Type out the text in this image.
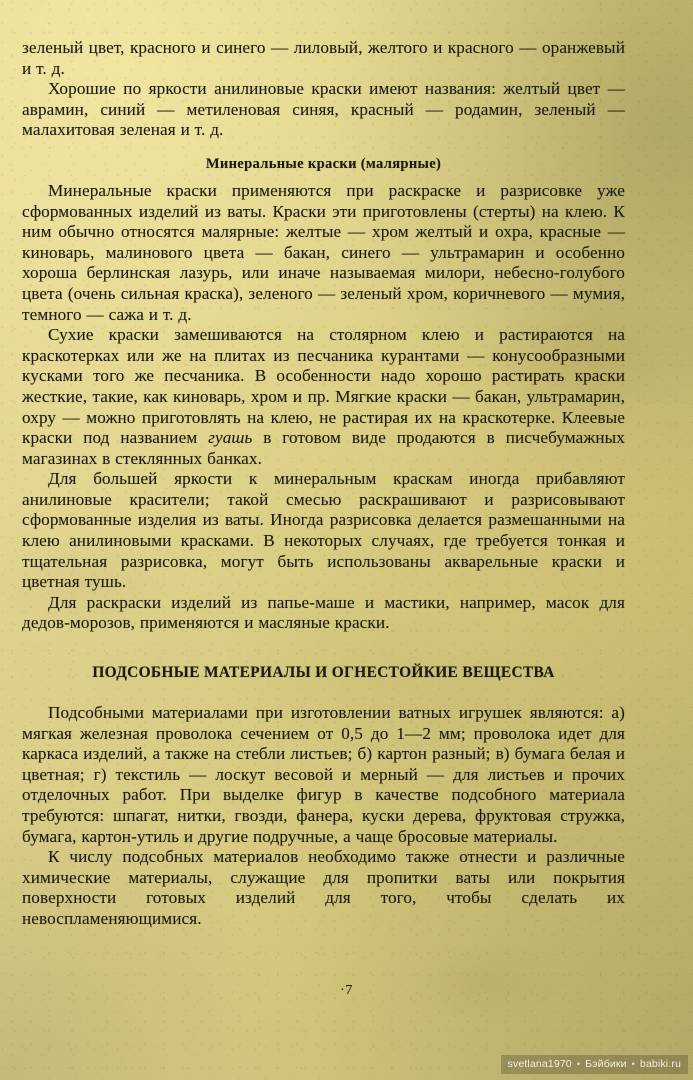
зеленый цвет, красного и синего — лиловый, желтого и красного — оранжевый и т. д.

Хорошие по яркости анилиновые краски имеют названия: желтый цвет — аврамин, синий — метиленовая синяя, красный — родамин, зеленый — малахитовая зеленая и т. д.

Минеральные краски (малярные)

Минеральные краски применяются при раскраске и разрисовке уже сформованных изделий из ваты. Краски эти приготовлены (стерты) на клею. К ним обычно относятся малярные: желтые — хром желтый и охра, красные — киноварь, малинового цвета — бакан, синего — ультрамарин и особенно хороша берлинская лазурь, или иначе называемая милори, небесно-голубого цвета (очень сильная краска), зеленого — зеленый хром, коричневого — мумия, темного — сажа и т. д.

Сухие краски замешиваются на столярном клею и растираются на краскотерках или же на плитах из песчаника курантами — конусообразными кусками того же песчаника. В особенности надо хорошо растирать краски жесткие, такие, как киноварь, хром и пр. Мягкие краски — бакан, ультрамарин, охру — можно приготовлять на клею, не растирая их на краскотерке. Клеевые краски под названием гуашь в готовом виде продаются в писчебумажных магазинах в стеклянных банках.

Для большей яркости к минеральным краскам иногда прибавляют анилиновые красители; такой смесью раскрашивают и разрисовывают сформованные изделия из ваты. Иногда разрисовка делается размешанными на клею анилиновыми красками. В некоторых случаях, где требуется тонкая и тщательная разрисовка, могут быть использованы акварельные краски и цветная тушь.

Для раскраски изделий из папье-маше и мастики, например, масок для дедов-морозов, применяются и масляные краски.

ПОДСОБНЫЕ МАТЕРИАЛЫ И ОГНЕСТОЙКИЕ ВЕЩЕСТВА

Подсобными материалами при изготовлении ватных игрушек являются: а) мягкая железная проволока сечением от 0,5 до 1—2 мм; проволока идет для каркаса изделий, а также на стебли листьев; б) картон разный; в) бумага белая и цветная; г) текстиль — лоскут весовой и мерный — для листьев и прочих отделочных работ. При выделке фигур в качестве подсобного материала требуются: шпагат, нитки, гвозди, фанера, куски дерева, фруктовая стружка, бумага, картон-утиль и другие подручные, а чаще бросовые материалы.

К числу подсобных материалов необходимо также отнести и различные химические материалы, служащие для пропитки ваты или покрытия поверхности готовых изделий для того, чтобы сделать их невоспламеняющимися.

·7
svetlana1970 • Бэйбики • babiki.ru
